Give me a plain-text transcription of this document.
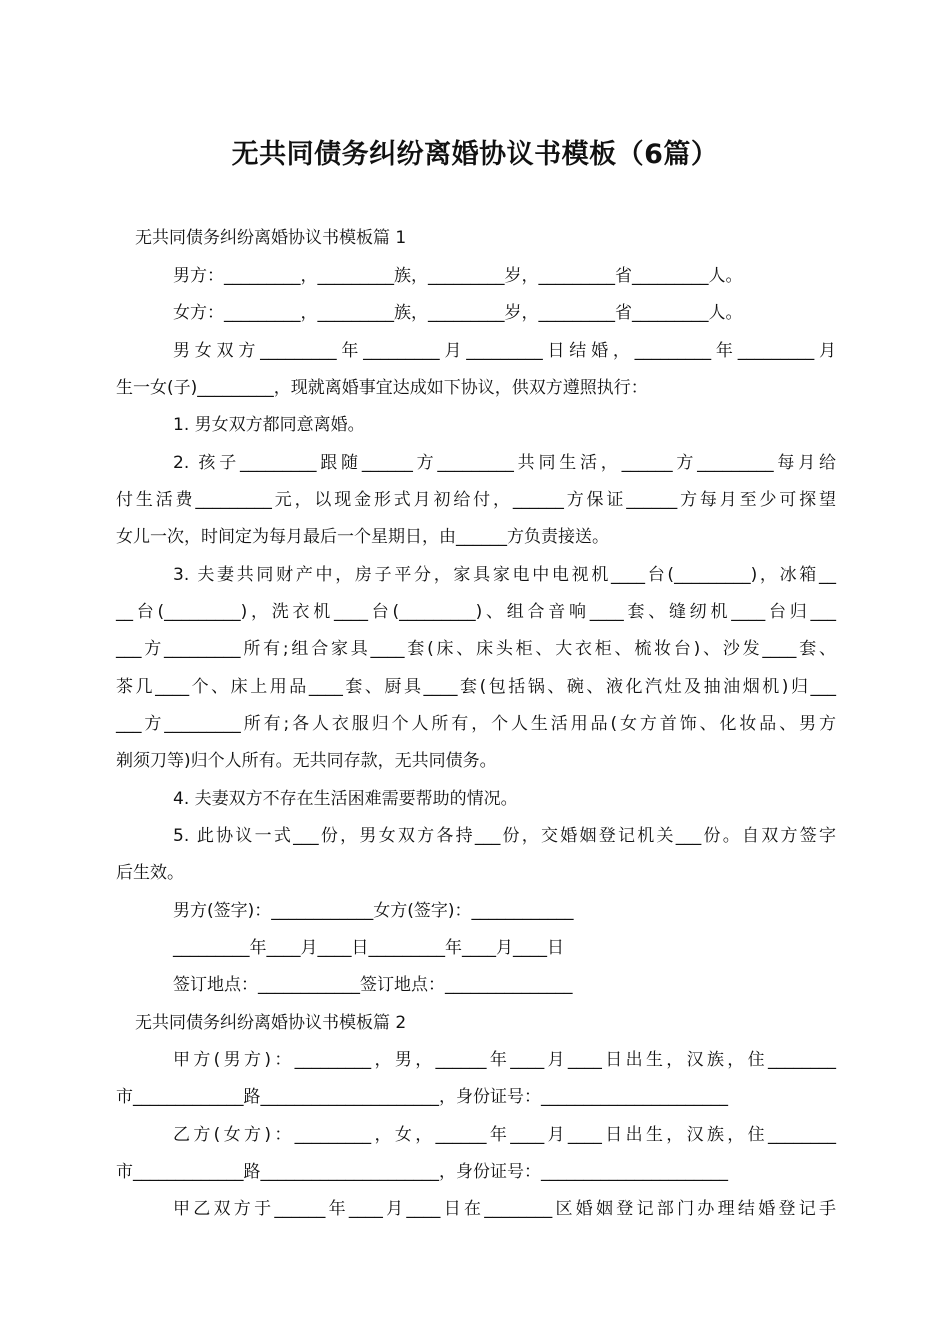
无共同债务纠纷离婚协议书模板（6篇）
无共同债务纠纷离婚协议书模板篇 1
男方：_________，_________族，_________岁，_________省_________人。
女方：_________，_________族，_________岁，_________省_________人。
男女双方_________年_________月_________日结婚，_________年_________月
生一女(子)_________，现就离婚事宜达成如下协议，供双方遵照执行：
1. 男女双方都同意离婚。
2. 孩子_________跟随______方_________共同生活，______方_________每月给
付生活费_________元，以现金形式月初给付，______方保证______方每月至少可探望
女儿一次，时间定为每月最后一个星期日，由______方负责接送。
3. 夫妻共同财产中，房子平分，家具家电中电视机____台(_________)，冰箱__
__台(_________)，洗衣机____台(_________)、组合音响____套、缝纫机____台归___
___方_________所有;组合家具____套(床、床头柜、大衣柜、梳妆台)、沙发____套、
茶几____个、床上用品____套、厨具____套(包括锅、碗、液化汽灶及抽油烟机)归___
___方_________所有;各人衣服归个人所有，个人生活用品(女方首饰、化妆品、男方
剃须刀等)归个人所有。无共同存款，无共同债务。
4. 夫妻双方不存在生活困难需要帮助的情况。
5. 此协议一式___份，男女双方各持___份，交婚姻登记机关___份。自双方签字
后生效。
男方(签字)：____________女方(签字)：____________
_________年____月____日_________年____月____日
签订地点：____________签订地点：_______________
无共同债务纠纷离婚协议书模板篇 2
甲方(男方)：_________，男，______年____月____日出生，汉族，住________
市_____________路_____________________，身份证号：______________________
乙方(女方)：_________，女，______年____月____日出生，汉族，住________
市_____________路_____________________，身份证号：______________________
甲乙双方于______年____月____日在________区婚姻登记部门办理结婚登记手
